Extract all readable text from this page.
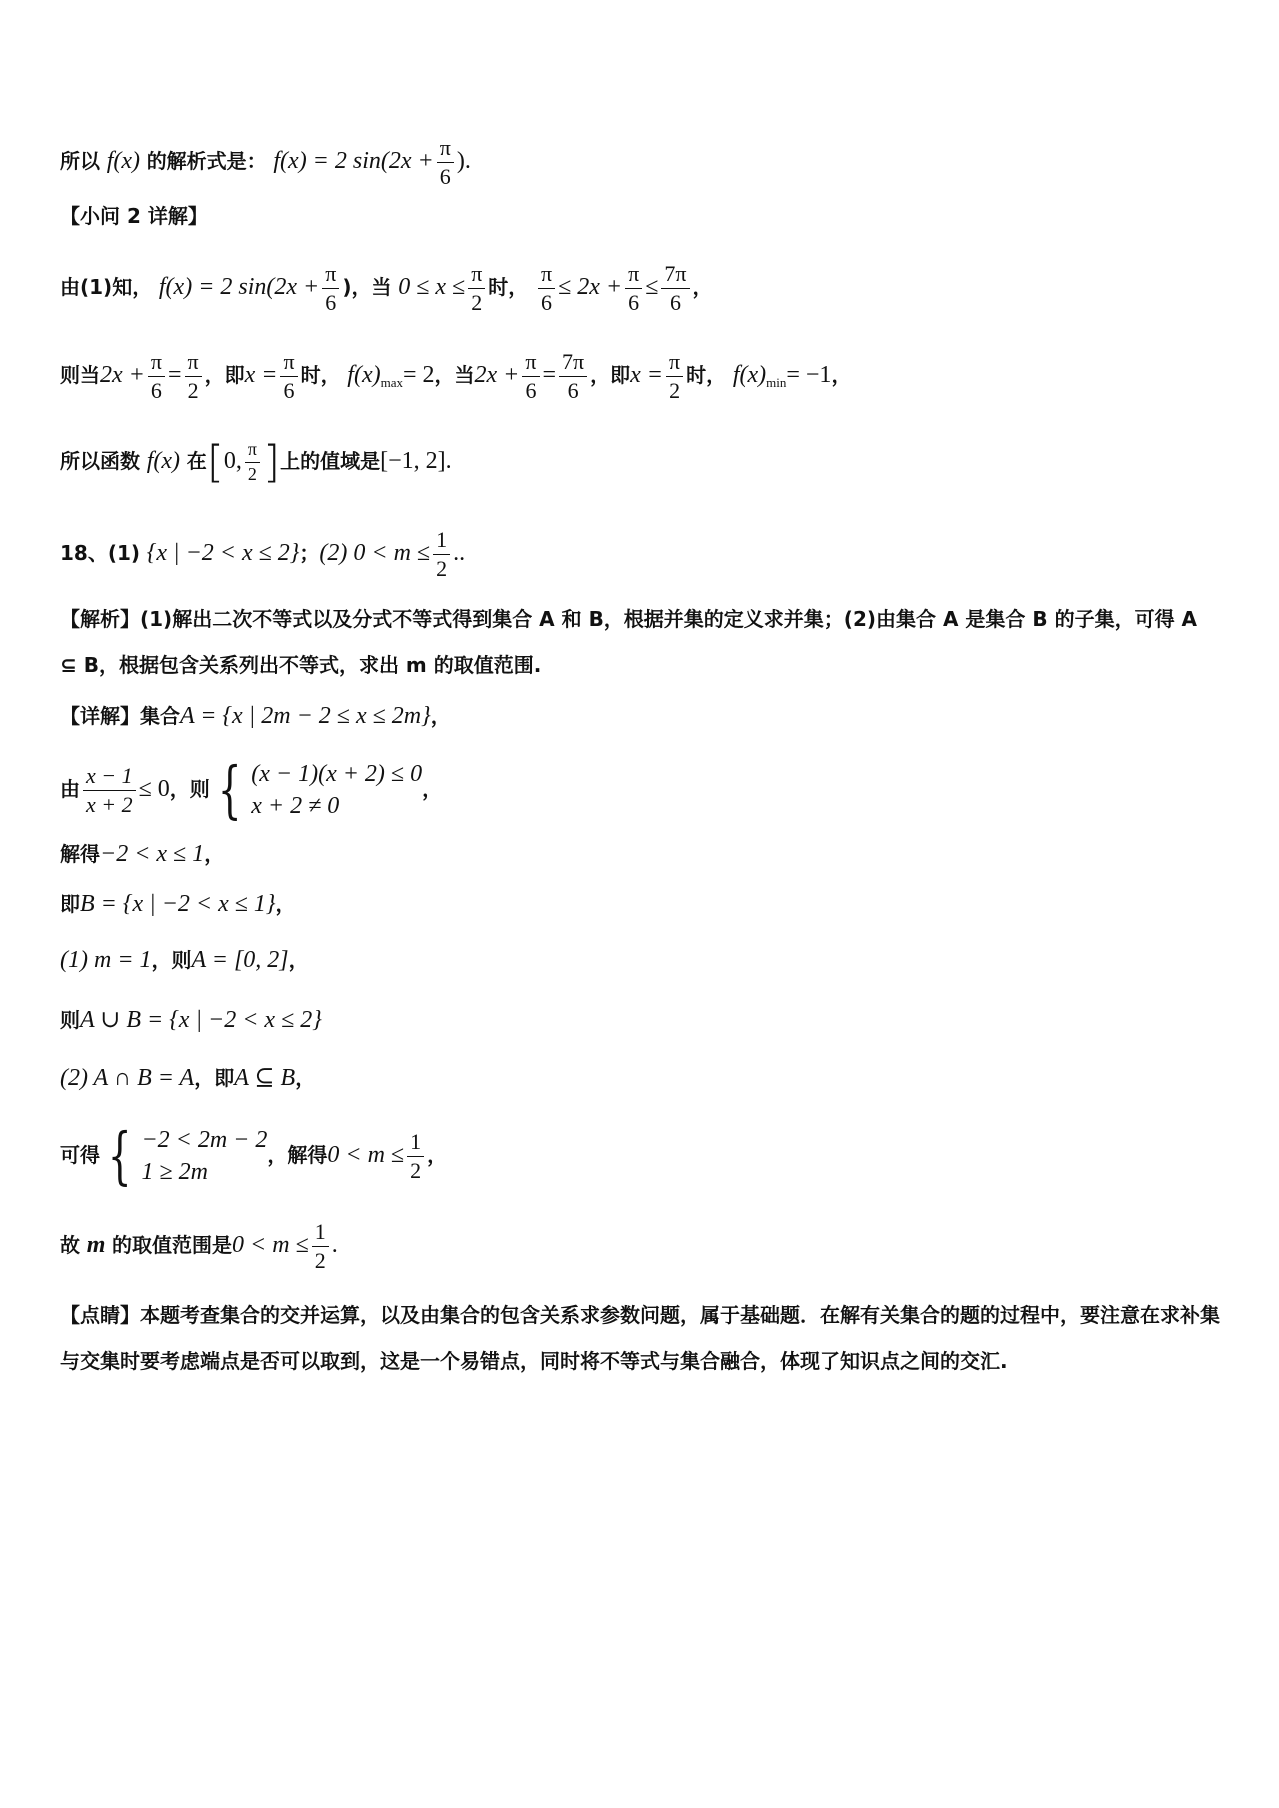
所以 f(x) 的解析式是： f(x) = 2 $\sin(2x + \frac{\pi}{6}$ ).
【小问 2 详解】
由(1)知， f(x) = 2 $\sin(2x + \frac{\pi}{6}$ )，当 $0 \le x \le \frac{\pi}{2}$ 时， $\frac{\pi}{6} \le 2x + \frac{\pi}{6} \le \frac{7\pi}{6}$ ，
则当$2x + \frac{\pi}{6} = \frac{\pi}{2}$ ，即$x = \frac{\pi}{6}$ 时， $f(x)_{max}= 2$，当$2x + \frac{\pi}{6} = \frac{7\pi}{6}$ ，即$x = \frac{\pi}{2}$ 时， $f(x)_{min}= -1$，
所以函数 f(x) 在[0, $\frac{\pi}{2}$ ]上的值域是[−1, 2].
18、(1) {x | −2 < x ≤ 2}；(2) $0 < m \le \frac{1}{2}$ ..
【解析】(1)解出二次不等式以及分式不等式得到集合 A 和 B，根据并集的定义求并集；(2)由集合 A 是集合 B 的子集，可得 A ⊆ B，根据包含关系列出不等式，求出 m 的取值范围.
【详解】集合A = {x | 2m − 2 ≤ x ≤ 2m}，
由 $\frac{x - 1}{x + 2} \le 0$，则 { (x − 1)(x + 2) ≤ 0
x + 2 ≠ 0
，
解得−2 < x ≤ 1，
即B = {x | −2 < x ≤ 1}，
(1) m = 1，则A = [0, 2]，
则A ∪ B = {x | −2 < x ≤ 2}
(2) A ∩ B = A，即A ⊆ B，
可得 { −2 < 2m − 2
1 ≥ 2m
，解得$0 < m \le \frac{1}{2}$ ，
故 m 的取值范围是$0 < m \le \frac{1}{2}$ .
【点睛】本题考查集合的交并运算，以及由集合的包含关系求参数问题，属于基础题．在解有关集合的题的过程中，要注意在求补集与交集时要考虑端点是否可以取到，这是一个易错点，同时将不等式与集合融合，体现了知识点之间的交汇.
